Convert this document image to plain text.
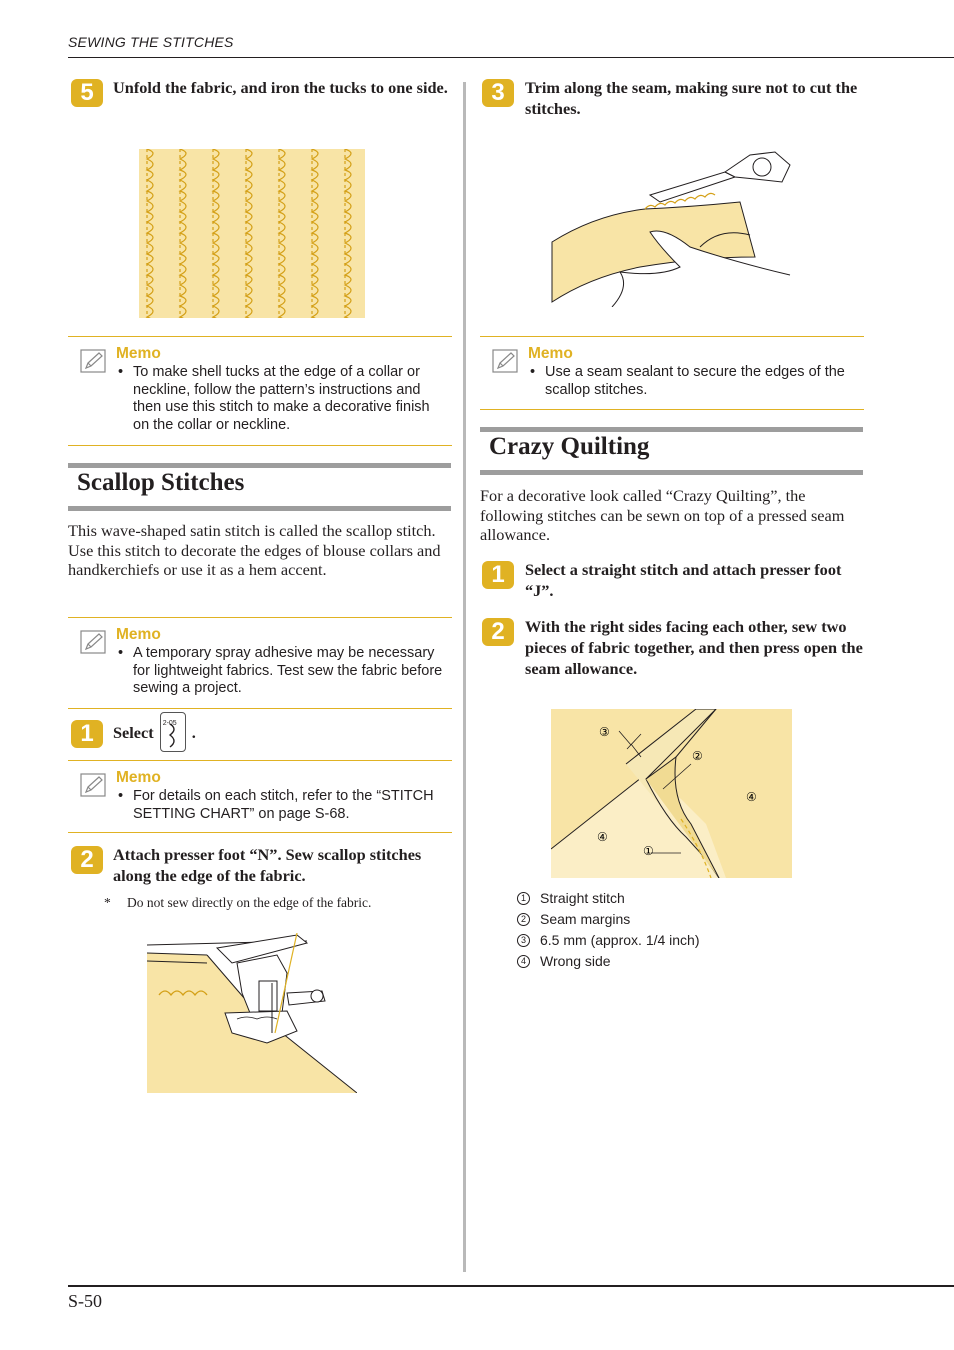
SEWING THE STITCHES
S-50
5	Unfold the fabric, and iron the tucks to one side.
Memo
• To make shell tucks at the edge of a collar or neckline, follow the pattern’s instructions and then use this stitch to make a decorative finish on the collar or neckline.
Scallop Stitches
This wave-shaped satin stitch is called the scallop stitch. Use this stitch to decorate the edges of blouse collars and handkerchiefs or use it as a hem accent.
Memo
• A temporary spray adhesive may be necessary for lightweight fabrics. Test sew the fabric before sewing a project.
1	Select 2-05 .
Memo
• For details on each stitch, refer to the “STITCH SETTING CHART” on page S-68.
2	Attach presser foot “N”. Sew scallop stitches along the edge of the fabric.
* Do not sew directly on the edge of the fabric.
3	Trim along the seam, making sure not to cut the stitches.
Memo
• Use a seam sealant to secure the edges of the scallop stitches.
Crazy Quilting
For a decorative look called “Crazy Quilting”, the following stitches can be sewn on top of a pressed seam allowance.
1	Select a straight stitch and attach presser foot “J”.
2	With the right sides facing each other, sew two pieces of fabric together, and then press open the seam allowance.
③
②
④
④
①
1 Straight stitch
2 Seam margins
3 6.5 mm (approx. 1/4 inch)
4 Wrong side
